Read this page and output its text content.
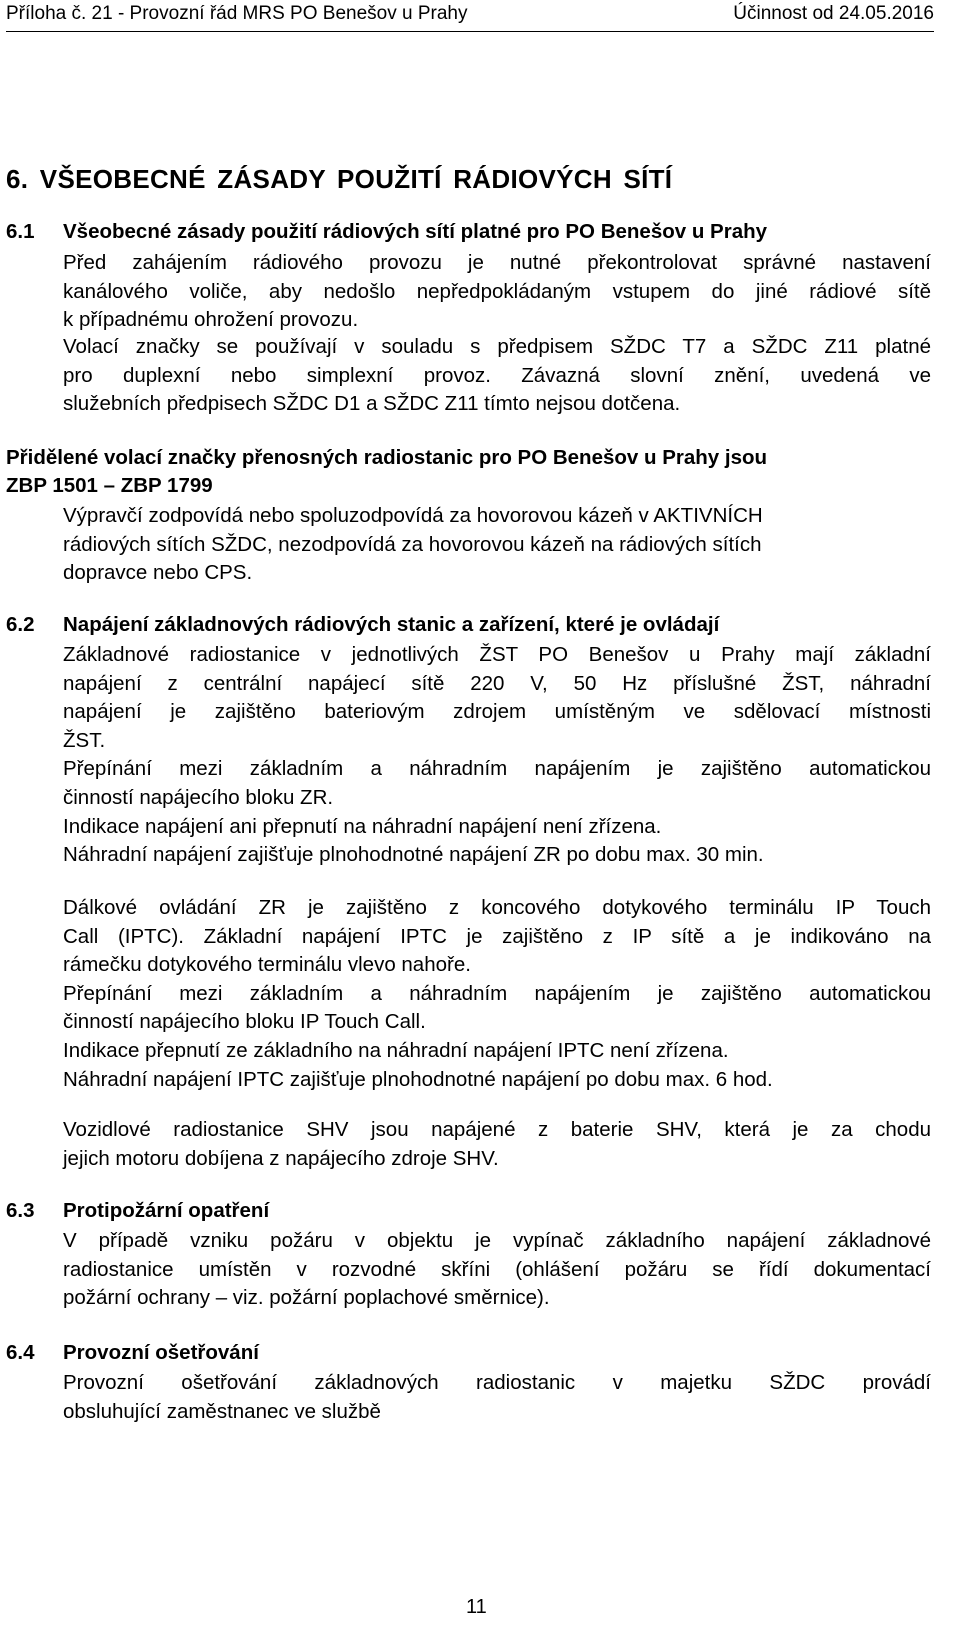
Příloha č. 21 - Provozní řád MRS PO Benešov u Prahy	Účinnost od 24.05.2016
6. VŠEOBECNÉ ZÁSADY POUŽITÍ RÁDIOVÝCH SÍTÍ
6.1 Všeobecné zásady použití rádiových sítí platné pro PO Benešov u Prahy
Před zahájením rádiového provozu je nutné překontrolovat správné nastavení
kanálového voliče, aby nedošlo nepředpokládaným vstupem do jiné rádiové sítě
k případnému ohrožení provozu.
Volací značky se používají v souladu s předpisem SŽDC T7 a SŽDC Z11 platné
pro duplexní nebo simplexní provoz. Závazná slovní znění, uvedená ve
služebních předpisech SŽDC D1 a SŽDC Z11 tímto nejsou dotčena.
Přidělené volací značky přenosných radiostanic pro PO Benešov u Prahy jsou
ZBP 1501 – ZBP 1799
Výpravčí zodpovídá nebo spoluzodpovídá za hovorovou kázeň v AKTIVNÍCH
rádiových sítích SŽDC, nezodpovídá za hovorovou kázeň na rádiových sítích
dopravce nebo CPS.
6.2 Napájení základnových rádiových stanic a zařízení, které je ovládají
Základnové radiostanice v jednotlivých ŽST PO Benešov u Prahy mají základní
napájení z centrální napájecí sítě 220 V, 50 Hz příslušné ŽST, náhradní
napájení je zajištěno bateriovým zdrojem umístěným ve sdělovací místnosti
ŽST.
Přepínání mezi základním a náhradním napájením je zajištěno automatickou
činností napájecího bloku ZR.
Indikace napájení ani přepnutí na náhradní napájení není zřízena.
Náhradní napájení zajišťuje plnohodnotné napájení ZR po dobu max. 30 min.
Dálkové ovládání ZR je zajištěno z koncového dotykového terminálu IP Touch
Call (IPTC). Základní napájení IPTC je zajištěno z IP sítě a je indikováno na
rámečku dotykového terminálu vlevo nahoře.
Přepínání mezi základním a náhradním napájením je zajištěno automatickou
činností napájecího bloku IP Touch Call.
Indikace přepnutí ze základního na náhradní napájení IPTC není zřízena.
Náhradní napájení IPTC zajišťuje plnohodnotné napájení po dobu max. 6 hod.
Vozidlové radiostanice SHV jsou napájené z baterie SHV, která je za chodu
jejich motoru dobíjena z napájecího zdroje SHV.
6.3 Protipožární opatření
V případě vzniku požáru v objektu je vypínač základního napájení základnové
radiostanice umístěn v rozvodné skříni (ohlášení požáru se řídí dokumentací
požární ochrany – viz. požární poplachové směrnice).
6.4 Provozní ošetřování
Provozní ošetřování základnových radiostanic v majetku SŽDC provádí
obsluhující zaměstnanec ve službě
11
